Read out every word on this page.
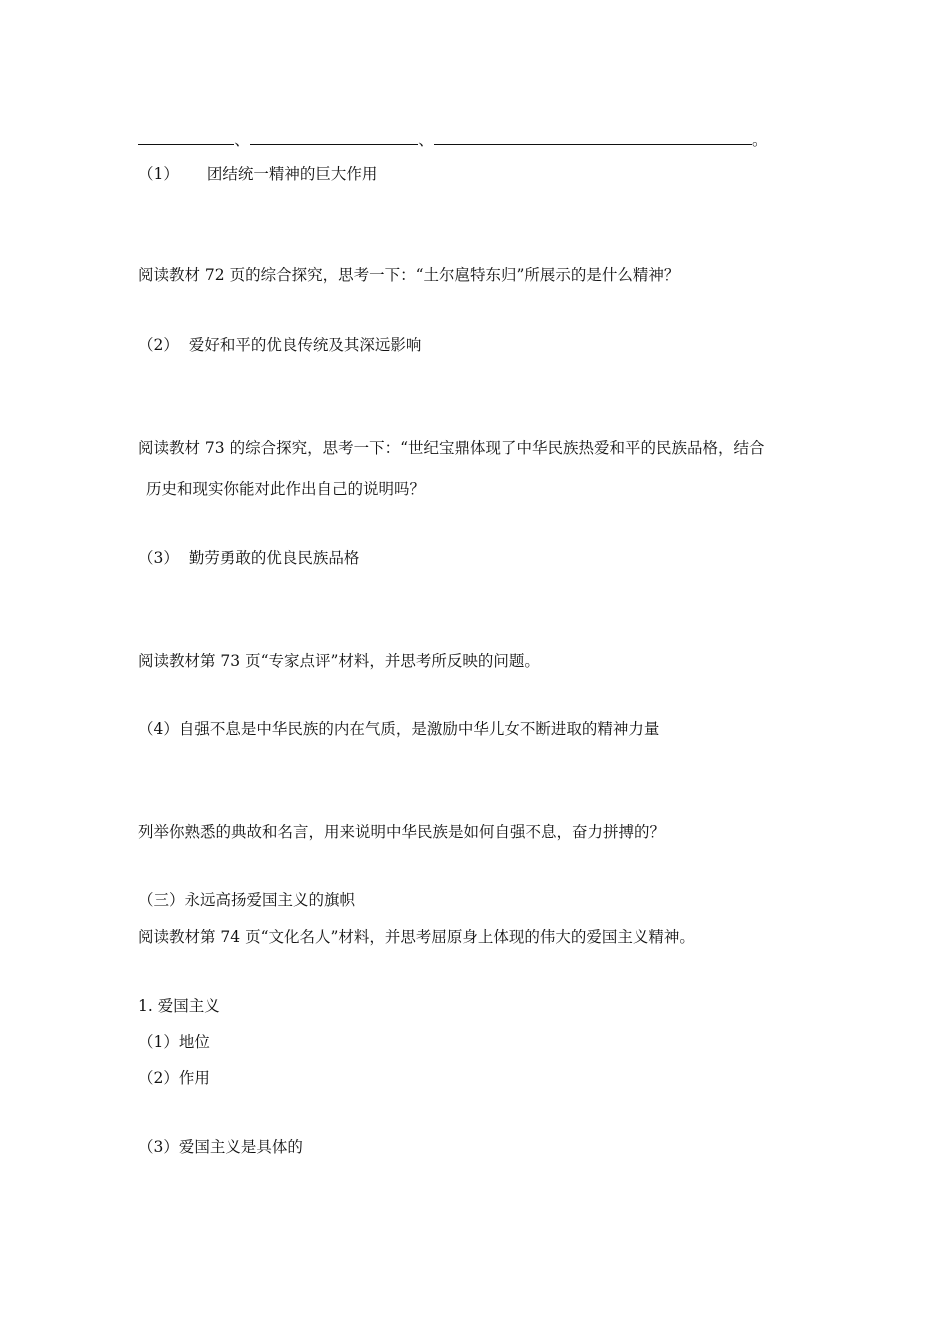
、	、	。
（1） 团结统一精神的巨大作用
阅读教材 72 页的综合探究，思考一下：“土尔扈特东归”所展示的是什么精神？
（2） 爱好和平的优良传统及其深远影响
阅读教材 73 的综合探究，思考一下：“世纪宝鼎体现了中华民族热爱和平的民族品格，结合
历史和现实你能对此作出自己的说明吗？
（3） 勤劳勇敢的优良民族品格
阅读教材第 73 页“专家点评”材料，并思考所反映的问题。
（4）自强不息是中华民族的内在气质，是激励中华儿女不断进取的精神力量
列举你熟悉的典故和名言，用来说明中华民族是如何自强不息，奋力拼搏的？
（三）永远高扬爱国主义的旗帜
阅读教材第 74 页“文化名人”材料，并思考屈原身上体现的伟大的爱国主义精神。
1. 爱国主义
（1）地位
（2）作用
（3）爱国主义是具体的
